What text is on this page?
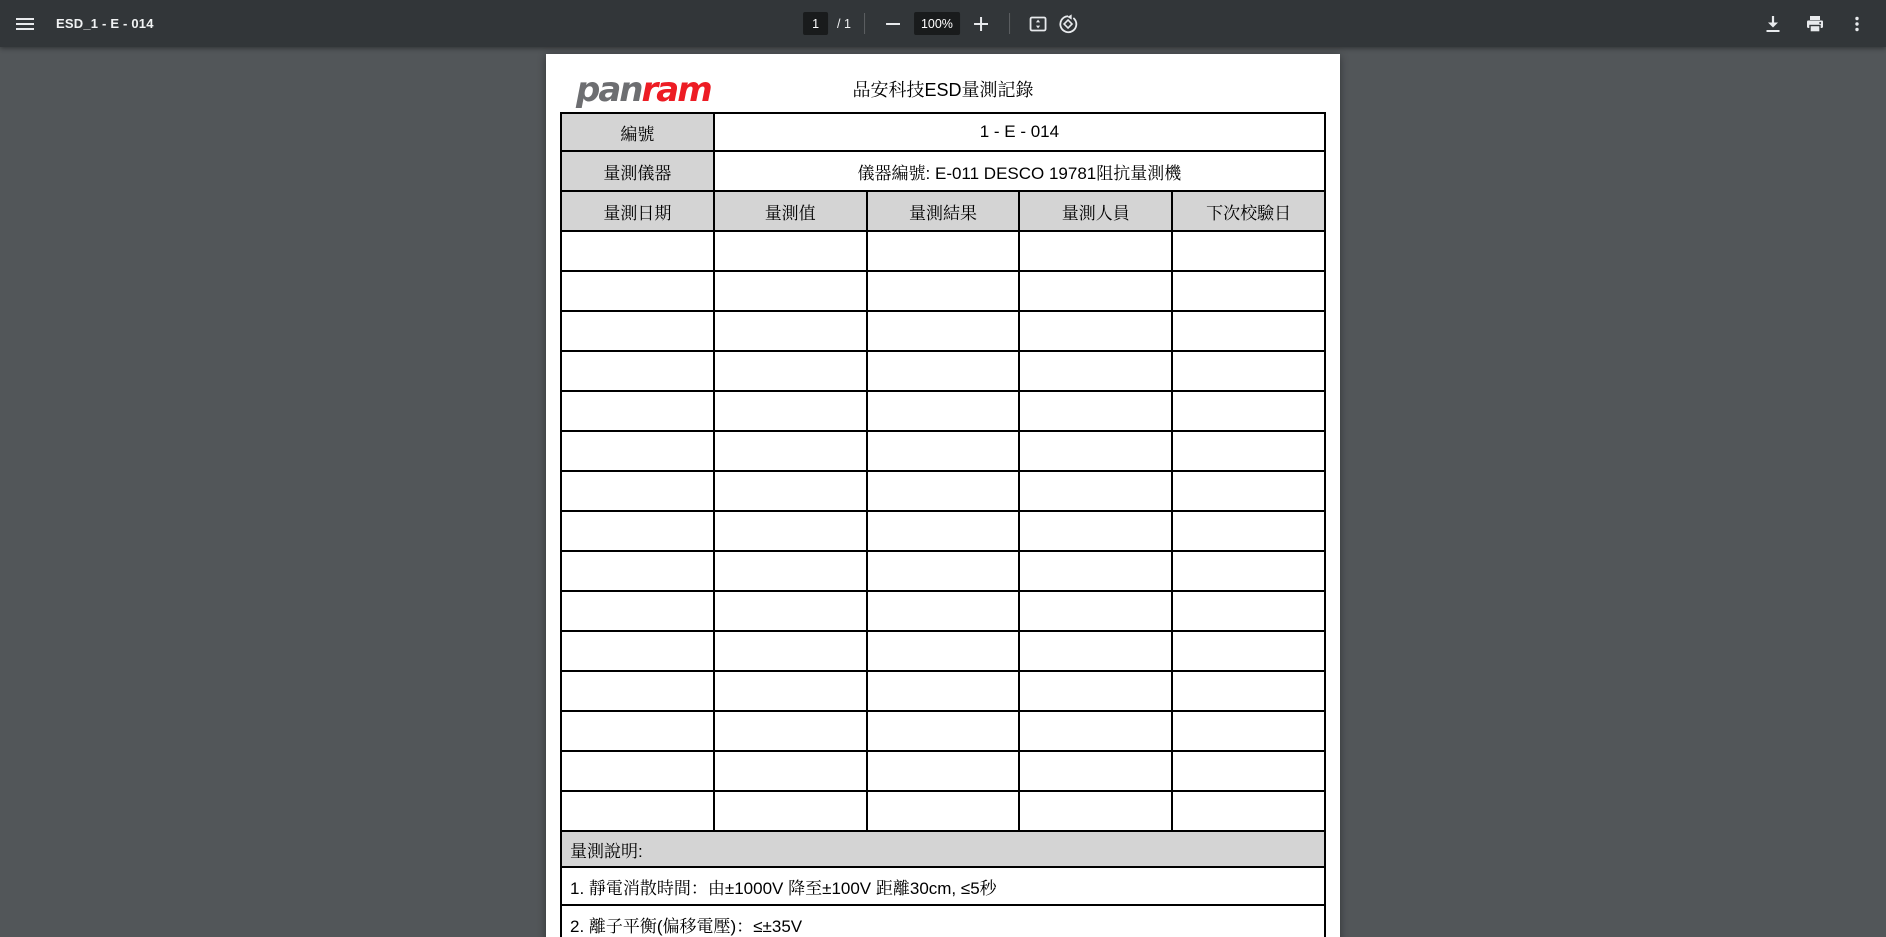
ESD_1 - E - 014
1	/ 1
100%
panram	品安科技ESD量測記錄
編號	1 - E - 014			
量測儀器	儀器編號: E-011 DESCO 19781阻抗量測機			
量測日期	量測值	量測結果	量測人員	下次校驗日

量測說明:				
1. 靜電消散時間：由±1000V 降至±100V 距離30cm, ≤5秒				
2. 離子平衡(偏移電壓)：≤±35V				
